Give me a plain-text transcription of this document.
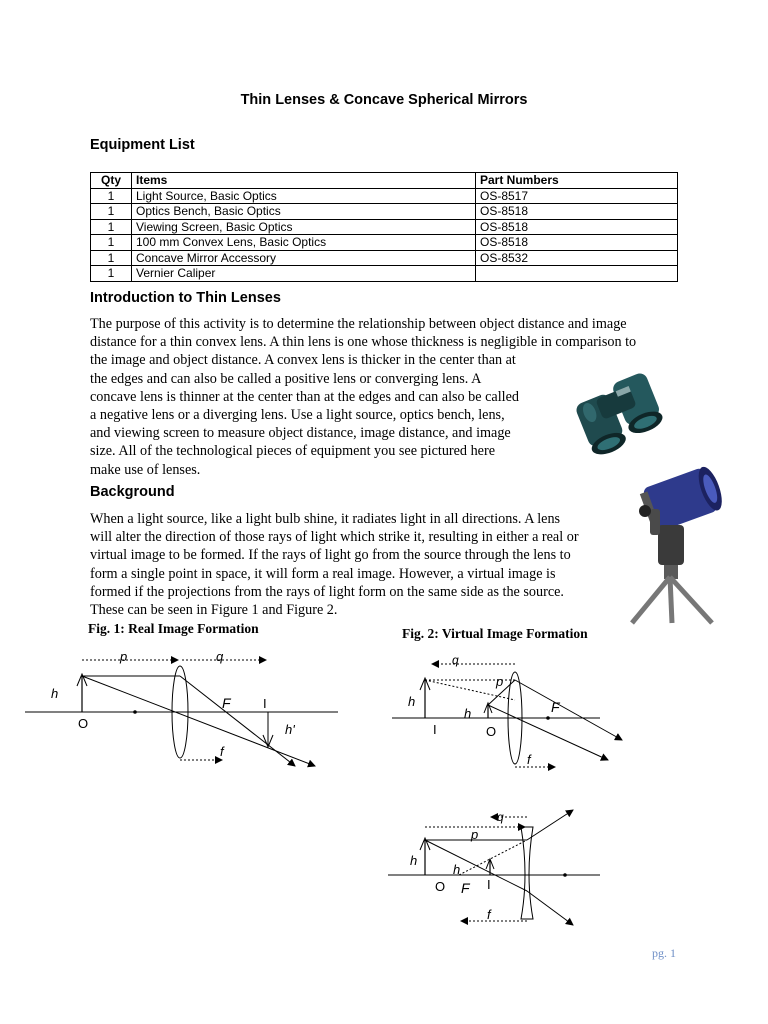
Thin Lenses & Concave Spherical Mirrors
Equipment List
Qty	Items	Part Numbers
1	Light Source, Basic Optics	OS-8517
1	Optics Bench, Basic Optics	OS-8518
1	Viewing Screen, Basic Optics	OS-8518
1	100 mm Convex Lens, Basic Optics	OS-8518
1	Concave Mirror Accessory	OS-8532
1	Vernier Caliper	
Introduction to Thin Lenses
The purpose of this activity is to determine the relationship between object distance and image
distance for a thin convex lens. A thin lens is one whose thickness is negligible in comparison to
the image and object distance. A convex lens is thicker in the center than at
the edges and can also be called a positive lens or converging lens. A
concave lens is thinner at the center than at the edges and can also be called
a negative lens or a diverging lens. Use a light source, optics bench, lens,
and viewing screen to measure object distance, image distance, and image
size. All of the technological pieces of equipment you see pictured here
make use of lenses.
Background
When a light source, like a light bulb shine, it radiates light in all directions. A lens
will alter the direction of those rays of light which strike it, resulting in either a real or
virtual image to be formed. If the rays of light go from the source through the lens to
form a single point in space, it will form a real image. However, a virtual image is
formed if the projections from the rays of light form on the same side as the source.
These can be seen in Figure 1 and Figure 2.
Fig. 1: Real Image Formation	Fig. 2: Virtual Image Formation
p	q
h
F I
h'
O
f
q
p
h
h	F
I	O
f
q
p
h
h
O F I
f
pg. 1
